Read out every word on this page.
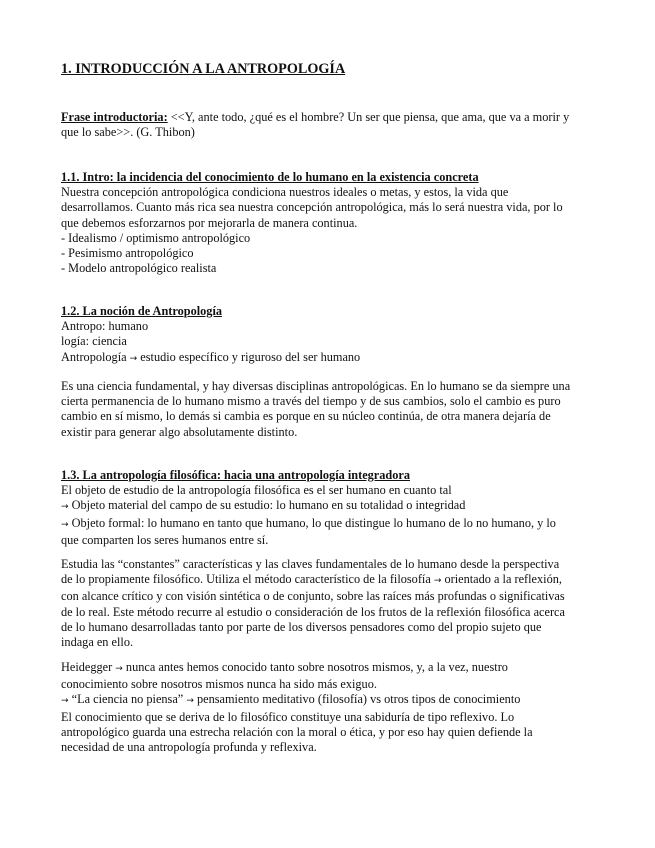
1. INTRODUCCIÓN A LA ANTROPOLOGÍA
Frase introductoria: <<Y, ante todo, ¿qué es el hombre? Un ser que piensa, que ama, que va a morir y
que lo sabe>>. (G. Thibon)
1.1. Intro: la incidencia del conocimiento de lo humano en la existencia concreta
Nuestra concepción antropológica condiciona nuestros ideales o metas, y estos, la vida que
desarrollamos. Cuanto más rica sea nuestra concepción antropológica, más lo será nuestra vida, por lo
que debemos esforzarnos por mejorarla de manera continua.
- Idealismo / optimismo antropológico
- Pesimismo antropológico
- Modelo antropológico realista
1.2. La noción de Antropología
Antropo: humano
logía: ciencia
Antropología → estudio específico y riguroso del ser humano
Es una ciencia fundamental, y hay diversas disciplinas antropológicas. En lo humano se da siempre una
cierta permanencia de lo humano mismo a través del tiempo y de sus cambios, solo el cambio es puro
cambio en sí mismo, lo demás si cambia es porque en su núcleo continúa, de otra manera dejaría de
existir para generar algo absolutamente distinto.
1.3. La antropología filosófica: hacia una antropología integradora
El objeto de estudio de la antropología filosófica es el ser humano en cuanto tal
→ Objeto material del campo de su estudio: lo humano en su totalidad o integridad
→ Objeto formal: lo humano en tanto que humano, lo que distingue lo humano de lo no humano, y lo
que comparten los seres humanos entre sí.
Estudia las “constantes” características y las claves fundamentales de lo humano desde la perspectiva
de lo propiamente filosófico. Utiliza el método característico de la filosofía → orientado a la reflexión,
con alcance crítico y con visión sintética o de conjunto, sobre las raíces más profundas o significativas
de lo real. Este método recurre al estudio o consideración de los frutos de la reflexión filosófica acerca
de lo humano desarrolladas tanto por parte de los diversos pensadores como del propio sujeto que
indaga en ello.
Heidegger → nunca antes hemos conocido tanto sobre nosotros mismos, y, a la vez, nuestro
conocimiento sobre nosotros mismos nunca ha sido más exiguo.
→ “La ciencia no piensa” → pensamiento meditativo (filosofía) vs otros tipos de conocimiento
El conocimiento que se deriva de lo filosófico constituye una sabiduría de tipo reflexivo. Lo
antropológico guarda una estrecha relación con la moral o ética, y por eso hay quien defiende la
necesidad de una antropología profunda y reflexiva.
